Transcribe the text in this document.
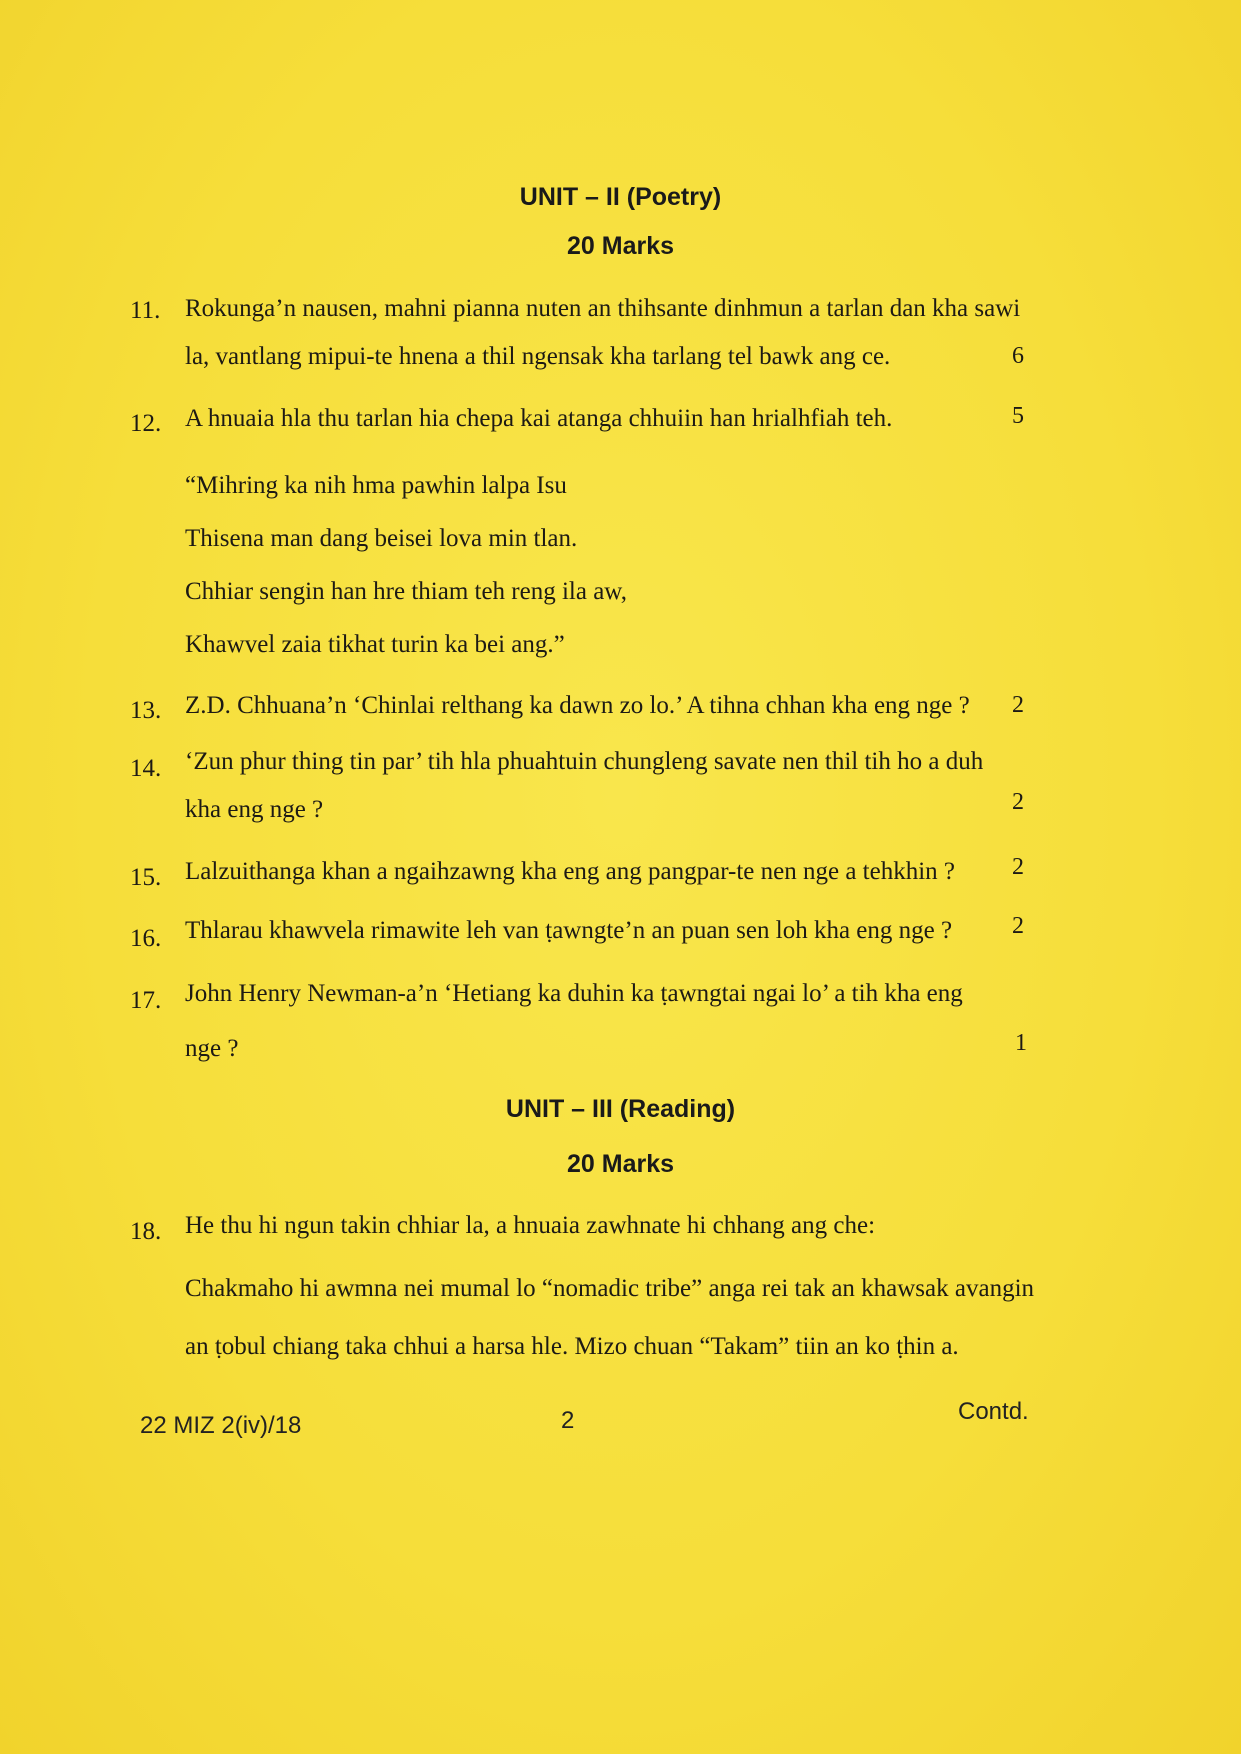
UNIT – II (Poetry)
20 Marks
11. Rokunga’n nausen, mahni pianna nuten an thihsante dinhmun a tarlan dan kha sawi
la, vantlang mipui-te hnena a thil ngensak kha tarlang tel bawk ang ce.	6
12. A hnuaia hla thu tarlan hia chepa kai atanga chhuiin han hrialhfiah teh.	5
“Mihring ka nih hma pawhin lalpa Isu
Thisena man dang beisei lova min tlan.
Chhiar sengin han hre thiam teh reng ila aw,
Khawvel zaia tikhat turin ka bei ang.”
13. Z.D. Chhuana’n ‘Chinlai relthang ka dawn zo lo.’ A tihna chhan kha eng nge ? 2
14. ‘Zun phur thing tin par’ tih hla phuahtuin chungleng savate nen thil tih ho a duh
kha eng nge ?	2
15. Lalzuithanga khan a ngaihzawng kha eng ang pangpar-te nen nge a tehkhin ? 2
16. Thlarau khawvela rimawite leh van ṭawngte’n an puan sen loh kha eng nge ? 2
17. John Henry Newman-a’n ‘Hetiang ka duhin ka ṭawngtai ngai lo’ a tih kha eng
nge ?	1
UNIT – III (Reading)
20 Marks
18. He thu hi ngun takin chhiar la, a hnuaia zawhnate hi chhang ang che:
Chakmaho hi awmna nei mumal lo “nomadic tribe” anga rei tak an khawsak avangin
an ṭobul chiang taka chhui a harsa hle. Mizo chuan “Takam” tiin an ko ṭhin a.
22 MIZ 2(iv)/18	2	Contd.
